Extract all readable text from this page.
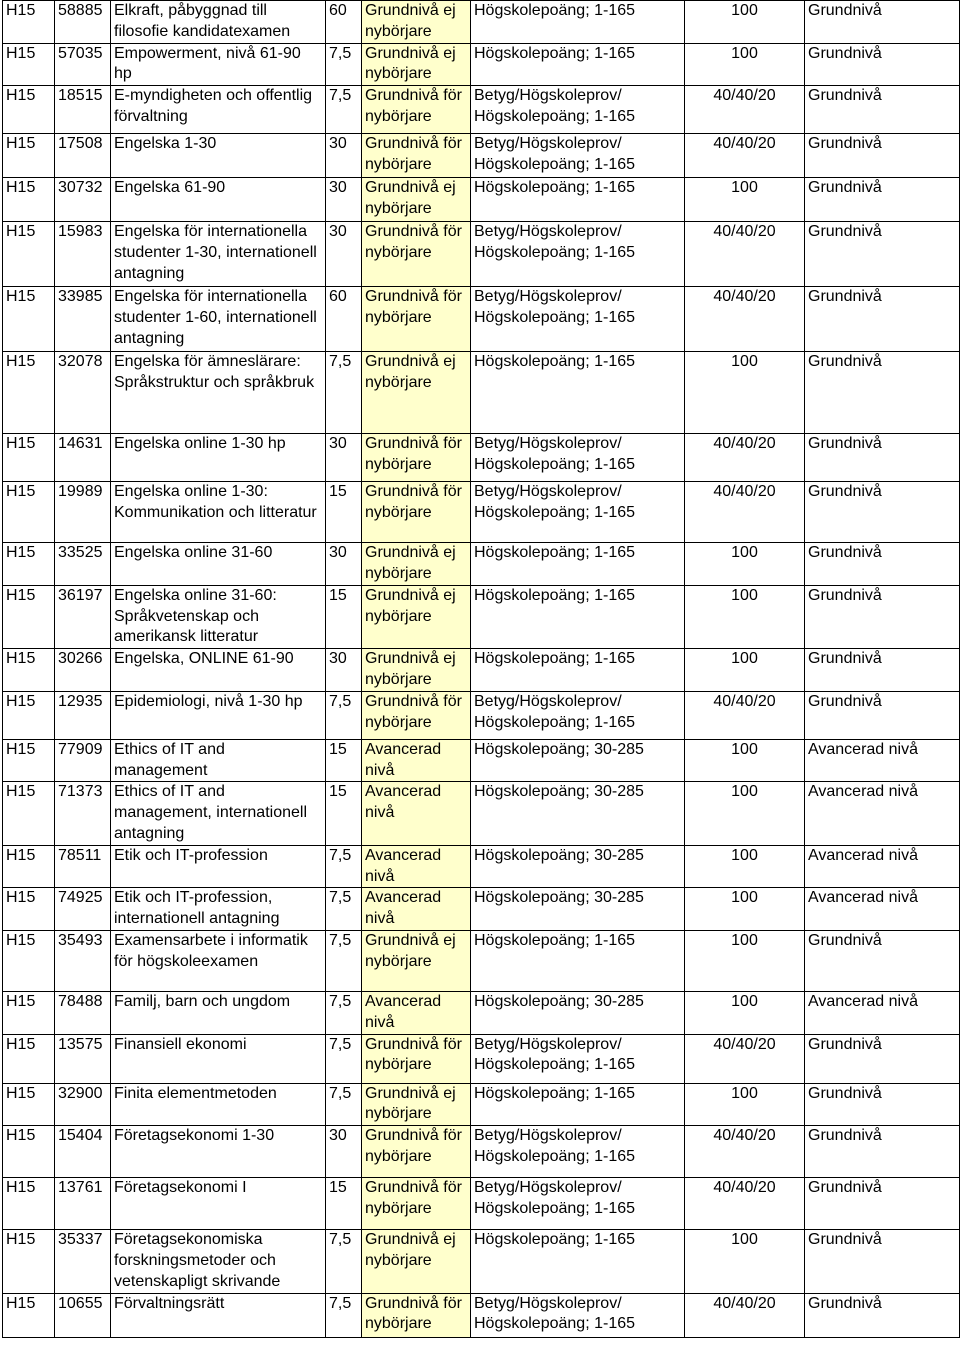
H15	58885	Elkraft, påbyggnad till filosofie kandidatexamen	60	Grundnivå ej nybörjare	Högskolepoäng; 1-165	100	Grundnivå
H15	57035	Empowerment, nivå 61-90 hp	7,5	Grundnivå ej nybörjare	Högskolepoäng; 1-165	100	Grundnivå
H15	18515	E-myndigheten och offentlig förvaltning	7,5	Grundnivå för nybörjare	Betyg/Högskoleprov/ Högskolepoäng; 1-165	40/40/20	Grundnivå
H15	17508	Engelska 1-30	30	Grundnivå för nybörjare	Betyg/Högskoleprov/ Högskolepoäng; 1-165	40/40/20	Grundnivå
H15	30732	Engelska 61-90	30	Grundnivå ej nybörjare	Högskolepoäng; 1-165	100	Grundnivå
H15	15983	Engelska för internationella studenter 1-30, internationell antagning	30	Grundnivå för nybörjare	Betyg/Högskoleprov/ Högskolepoäng; 1-165	40/40/20	Grundnivå
H15	33985	Engelska för internationella studenter 1-60, internationell antagning	60	Grundnivå för nybörjare	Betyg/Högskoleprov/ Högskolepoäng; 1-165	40/40/20	Grundnivå
H15	32078	Engelska för ämneslärare: Språkstruktur och språkbruk	7,5	Grundnivå ej nybörjare	Högskolepoäng; 1-165	100	Grundnivå
H15	14631	Engelska online 1-30 hp	30	Grundnivå för nybörjare	Betyg/Högskoleprov/ Högskolepoäng; 1-165	40/40/20	Grundnivå
H15	19989	Engelska online 1-30: Kommunikation och litteratur	15	Grundnivå för nybörjare	Betyg/Högskoleprov/ Högskolepoäng; 1-165	40/40/20	Grundnivå
H15	33525	Engelska online 31-60	30	Grundnivå ej nybörjare	Högskolepoäng; 1-165	100	Grundnivå
H15	36197	Engelska online 31-60: Språkvetenskap och amerikansk litteratur	15	Grundnivå ej nybörjare	Högskolepoäng; 1-165	100	Grundnivå
H15	30266	Engelska, ONLINE 61-90	30	Grundnivå ej nybörjare	Högskolepoäng; 1-165	100	Grundnivå
H15	12935	Epidemiologi, nivå 1-30 hp	7,5	Grundnivå för nybörjare	Betyg/Högskoleprov/ Högskolepoäng; 1-165	40/40/20	Grundnivå
H15	77909	Ethics of IT and management	15	Avancerad nivå	Högskolepoäng; 30-285	100	Avancerad nivå
H15	71373	Ethics of IT and management, internationell antagning	15	Avancerad nivå	Högskolepoäng; 30-285	100	Avancerad nivå
H15	78511	Etik och IT-profession	7,5	Avancerad nivå	Högskolepoäng; 30-285	100	Avancerad nivå
H15	74925	Etik och IT-profession, internationell antagning	7,5	Avancerad nivå	Högskolepoäng; 30-285	100	Avancerad nivå
H15	35493	Examensarbete i informatik för högskoleexamen	7,5	Grundnivå ej nybörjare	Högskolepoäng; 1-165	100	Grundnivå
H15	78488	Familj, barn och ungdom	7,5	Avancerad nivå	Högskolepoäng; 30-285	100	Avancerad nivå
H15	13575	Finansiell ekonomi	7,5	Grundnivå för nybörjare	Betyg/Högskoleprov/ Högskolepoäng; 1-165	40/40/20	Grundnivå
H15	32900	Finita elementmetoden	7,5	Grundnivå ej nybörjare	Högskolepoäng; 1-165	100	Grundnivå
H15	15404	Företagsekonomi 1-30	30	Grundnivå för nybörjare	Betyg/Högskoleprov/ Högskolepoäng; 1-165	40/40/20	Grundnivå
H15	13761	Företagsekonomi I	15	Grundnivå för nybörjare	Betyg/Högskoleprov/ Högskolepoäng; 1-165	40/40/20	Grundnivå
H15	35337	Företagsekonomiska forskningsmetoder och vetenskapligt skrivande	7,5	Grundnivå ej nybörjare	Högskolepoäng; 1-165	100	Grundnivå
H15	10655	Förvaltningsrätt	7,5	Grundnivå för nybörjare	Betyg/Högskoleprov/ Högskolepoäng; 1-165	40/40/20	Grundnivå
